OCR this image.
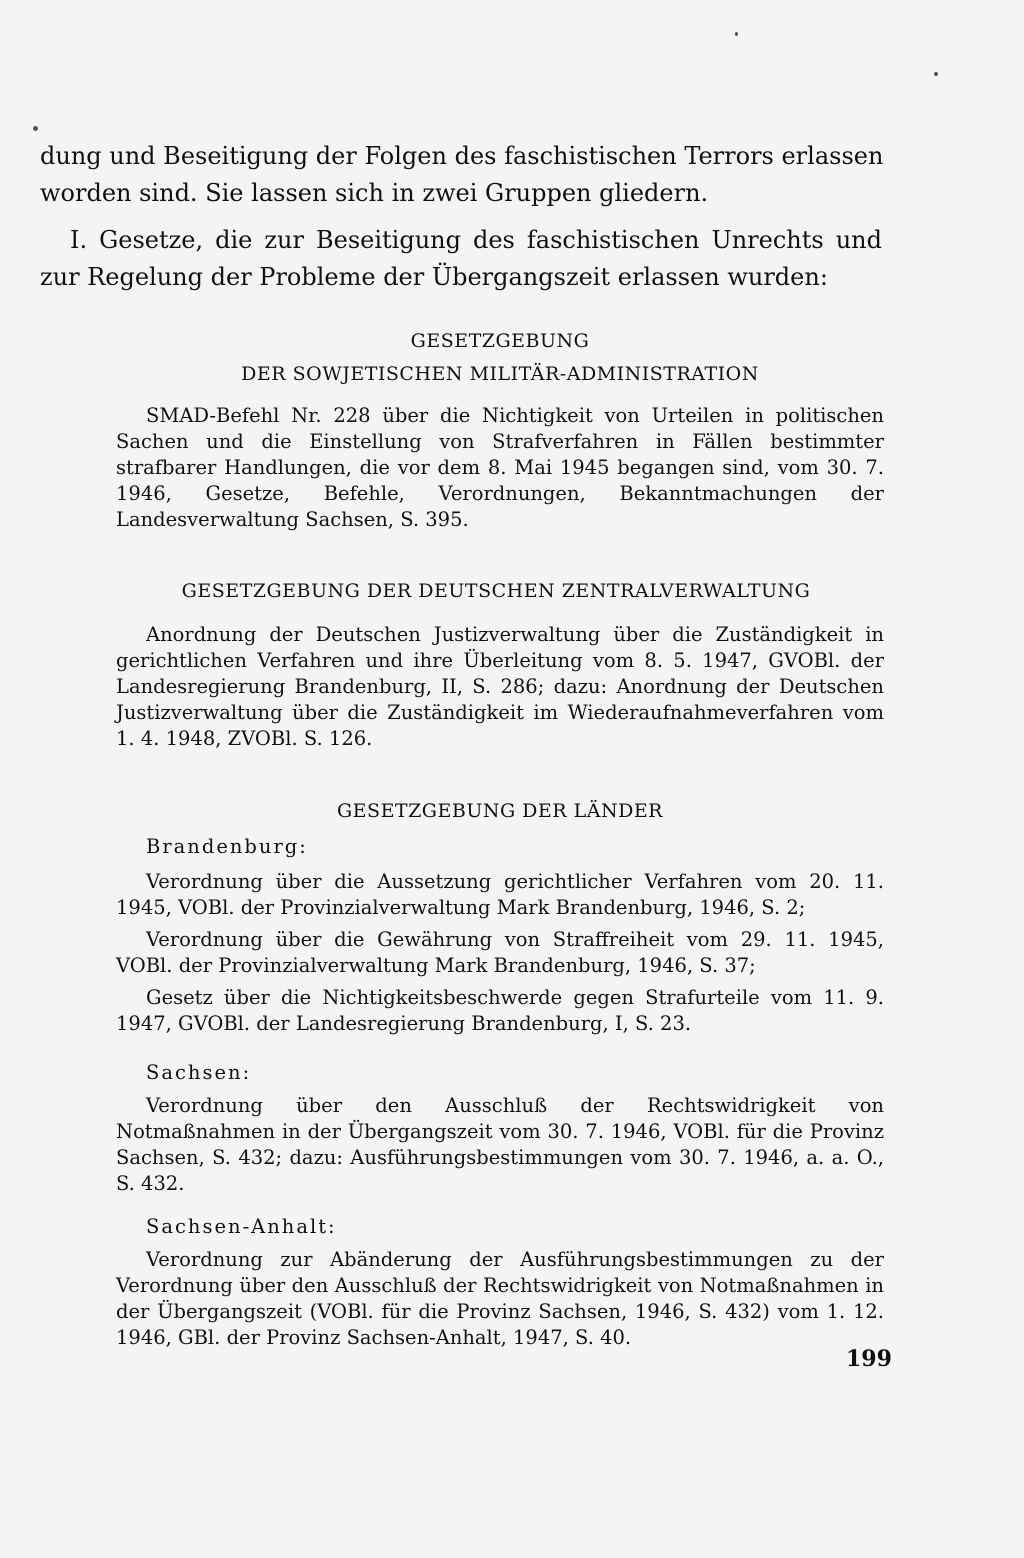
dung und Beseitigung der Folgen des faschistischen Terrors erlassen

worden sind. Sie lassen sich in zwei Gruppen gliedern.

I. Gesetze, die zur Beseitigung des faschistischen Unrechts und zur Regelung der Probleme der Übergangszeit erlassen wurden:

GESETZGEBUNG

DER SOWJETISCHEN MILITÄR-ADMINISTRATION

SMAD-Befehl Nr. 228 über die Nichtigkeit von Urteilen in politischen Sachen und die Einstellung von Strafverfahren in Fällen bestimmter strafbarer Handlungen, die vor dem 8. Mai 1945 begangen sind, vom 30. 7. 1946, Gesetze, Befehle, Verordnungen, Bekanntmachungen der Landesverwaltung Sachsen, S. 395.

GESETZGEBUNG DER DEUTSCHEN ZENTRALVERWALTUNG

Anordnung der Deutschen Justizverwaltung über die Zuständigkeit in gerichtlichen Verfahren und ihre Überleitung vom 8. 5. 1947, GVOBl. der Landesregierung Brandenburg, II, S. 286; dazu: Anordnung der Deutschen Justizverwaltung über die Zuständigkeit im Wiederaufnahmeverfahren vom 1. 4. 1948, ZVOBl. S. 126.

GESETZGEBUNG DER LÄNDER

Brandenburg:

Verordnung über die Aussetzung gerichtlicher Verfahren vom 20. 11. 1945, VOBl. der Provinzialverwaltung Mark Brandenburg, 1946, S. 2;

Verordnung über die Gewährung von Straffreiheit vom 29. 11. 1945, VOBl. der Provinzialverwaltung Mark Brandenburg, 1946, S. 37;

Gesetz über die Nichtigkeitsbeschwerde gegen Strafurteile vom 11. 9. 1947, GVOBl. der Landesregierung Brandenburg, I, S. 23.

Sachsen:

Verordnung über den Ausschluß der Rechtswidrigkeit von Notmaßnahmen in der Übergangszeit vom 30. 7. 1946, VOBl. für die Provinz Sachsen, S. 432; dazu: Ausführungsbestimmungen vom 30. 7. 1946, a. a. O., S. 432.

Sachsen-Anhalt:

Verordnung zur Abänderung der Ausführungsbestimmungen zu der Verordnung über den Ausschluß der Rechtswidrigkeit von Notmaßnahmen in der Übergangszeit (VOBl. für die Provinz Sachsen, 1946, S. 432) vom 1. 12. 1946, GBl. der Provinz Sachsen-Anhalt, 1947, S. 40.

199
